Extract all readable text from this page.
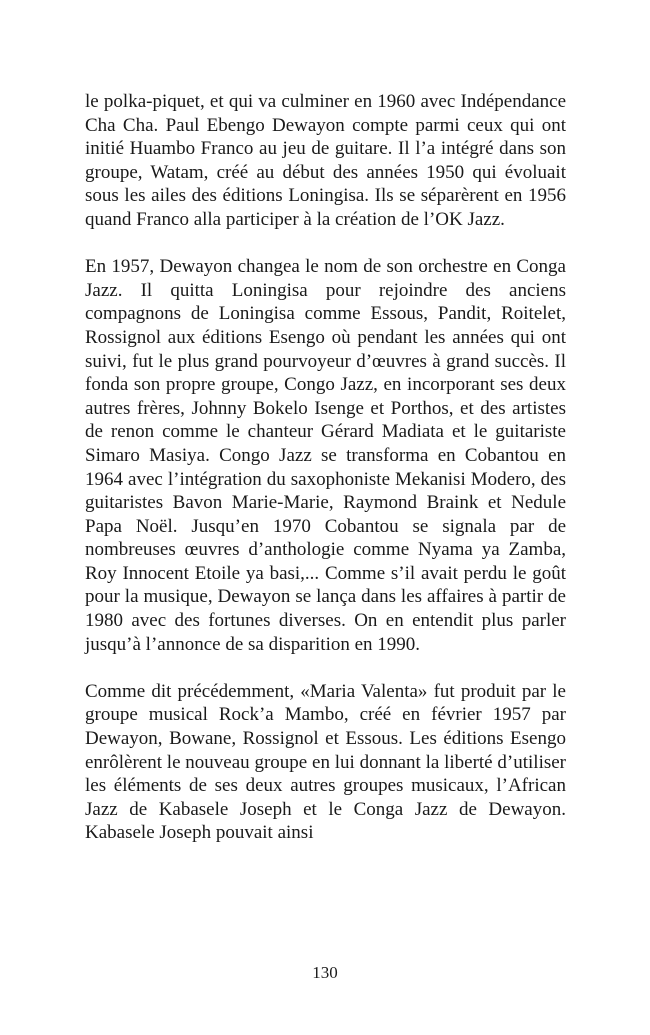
le polka-piquet, et qui va culminer en 1960 avec Indépendance Cha Cha. Paul Ebengo Dewayon compte parmi ceux qui ont initié Huambo Franco au jeu de guitare. Il l’a intégré dans son groupe, Watam, créé au début des années 1950 qui évoluait sous les ailes des éditions Loningisa. Ils se séparèrent en 1956 quand Franco alla participer à la création de l’OK Jazz.

En 1957, Dewayon changea le nom de son orchestre en Conga Jazz. Il quitta Loningisa pour rejoindre des anciens compagnons de Loningisa comme Essous, Pandit, Roitelet, Rossignol aux éditions Esengo où pendant les années qui ont suivi, fut le plus grand pourvoyeur d’œuvres à grand succès. Il fonda son propre groupe, Congo Jazz, en incorporant ses deux autres frères, Johnny Bokelo Isenge et Porthos, et des artistes de renon comme le chanteur Gérard Madiata et le guitariste Simaro Masiya. Congo Jazz se transforma en Cobantou en 1964 avec l’intégration du saxophoniste Mekanisi Modero, des guitaristes Bavon Marie-Marie, Raymond Braink et Nedule Papa Noël. Jusqu’en 1970 Cobantou se signala par de nombreuses œuvres d’anthologie comme Nyama ya Zamba, Roy Innocent Etoile ya basi,... Comme s’il avait perdu le goût pour la musique, Dewayon se lança dans les affaires à partir de 1980 avec des fortunes diverses. On en entendit plus parler jusqu’à l’annonce de sa disparition en 1990.

Comme dit précédemment, «Maria Valenta» fut produit par le groupe musical Rock’a Mambo, créé en février 1957 par Dewayon, Bowane, Rossignol et Essous. Les éditions Esengo enrôlèrent le nouveau groupe en lui donnant la liberté d’utiliser les éléments de ses deux autres groupes musicaux, l’African Jazz de Kabasele Joseph et le Conga Jazz de Dewayon. Kabasele Joseph pouvait ainsi

130
